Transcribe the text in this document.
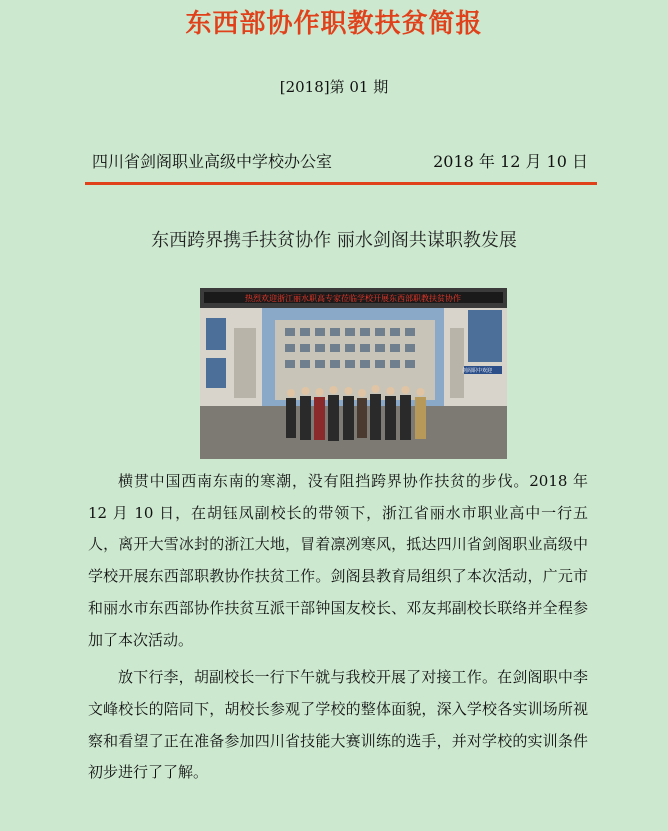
东西部协作职教扶贫简报
[2018]第 01 期
四川省剑阁职业高级中学校办公室	2018 年 12 月 10 日
东西跨界携手扶贫协作 丽水剑阁共谋职教发展
热烈欢迎浙江丽水职高专家莅临学校开展东西部职教扶贫协作
剑阁职中欢迎

横贯中国西南东南的寒潮，没有阻挡跨界协作扶贫的步伐。2018 年 12 月 10 日，在胡钰凤副校长的带领下，浙江省丽水市职业高中一行五人，离开大雪冰封的浙江大地，冒着凛冽寒风，抵达四川省剑阁职业高级中学校开展东西部职教协作扶贫工作。剑阁县教育局组织了本次活动，广元市和丽水市东西部协作扶贫互派干部钟国友校长、邓友邦副校长联络并全程参加了本次活动。

放下行李，胡副校长一行下午就与我校开展了对接工作。在剑阁职中李文峰校长的陪同下，胡校长参观了学校的整体面貌，深入学校各实训场所视察和看望了正在准备参加四川省技能大赛训练的选手，并对学校的实训条件初步进行了了解。
